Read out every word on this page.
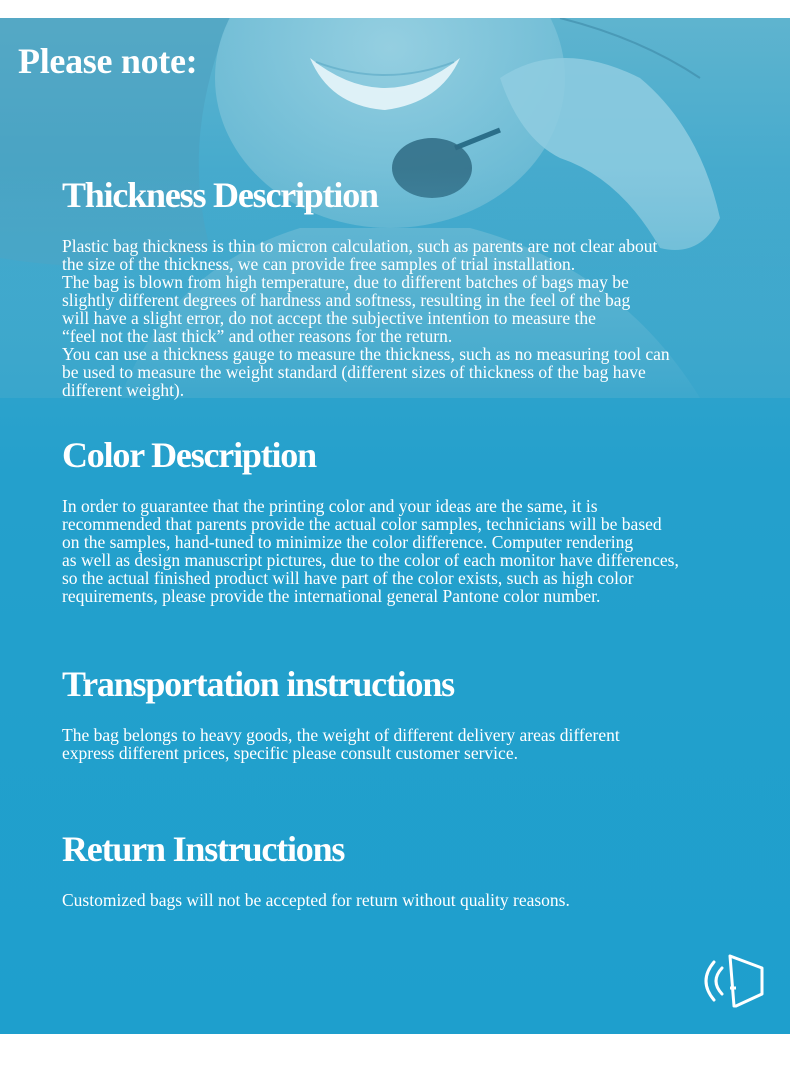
Please note:
Thickness Description

Plastic bag thickness is thin to micron calculation, such as parents are not clear about

the size of the thickness, we can provide free samples of trial installation.

The bag is blown from high temperature, due to different batches of bags may be

slightly different degrees of hardness and softness, resulting in the feel of the bag

will have a slight error, do not accept the subjective intention to measure the

“feel not the last thick” and other reasons for the return.

You can use a thickness gauge to measure the thickness, such as no measuring tool can

be used to measure the weight standard (different sizes of thickness of the bag have

different weight).

Color Description

In order to guarantee that the printing color and your ideas are the same, it is

recommended that parents provide the actual color samples, technicians will be based

on the samples, hand-tuned to minimize the color difference. Computer rendering

as well as design manuscript pictures, due to the color of each monitor have differences,

so the actual finished product will have part of the color exists, such as high color

requirements, please provide the international general Pantone color number.

Transportation instructions

The bag belongs to heavy goods, the weight of different delivery areas different

express different prices, specific please consult customer service.

Return Instructions

Customized bags will not be accepted for return without quality reasons.
